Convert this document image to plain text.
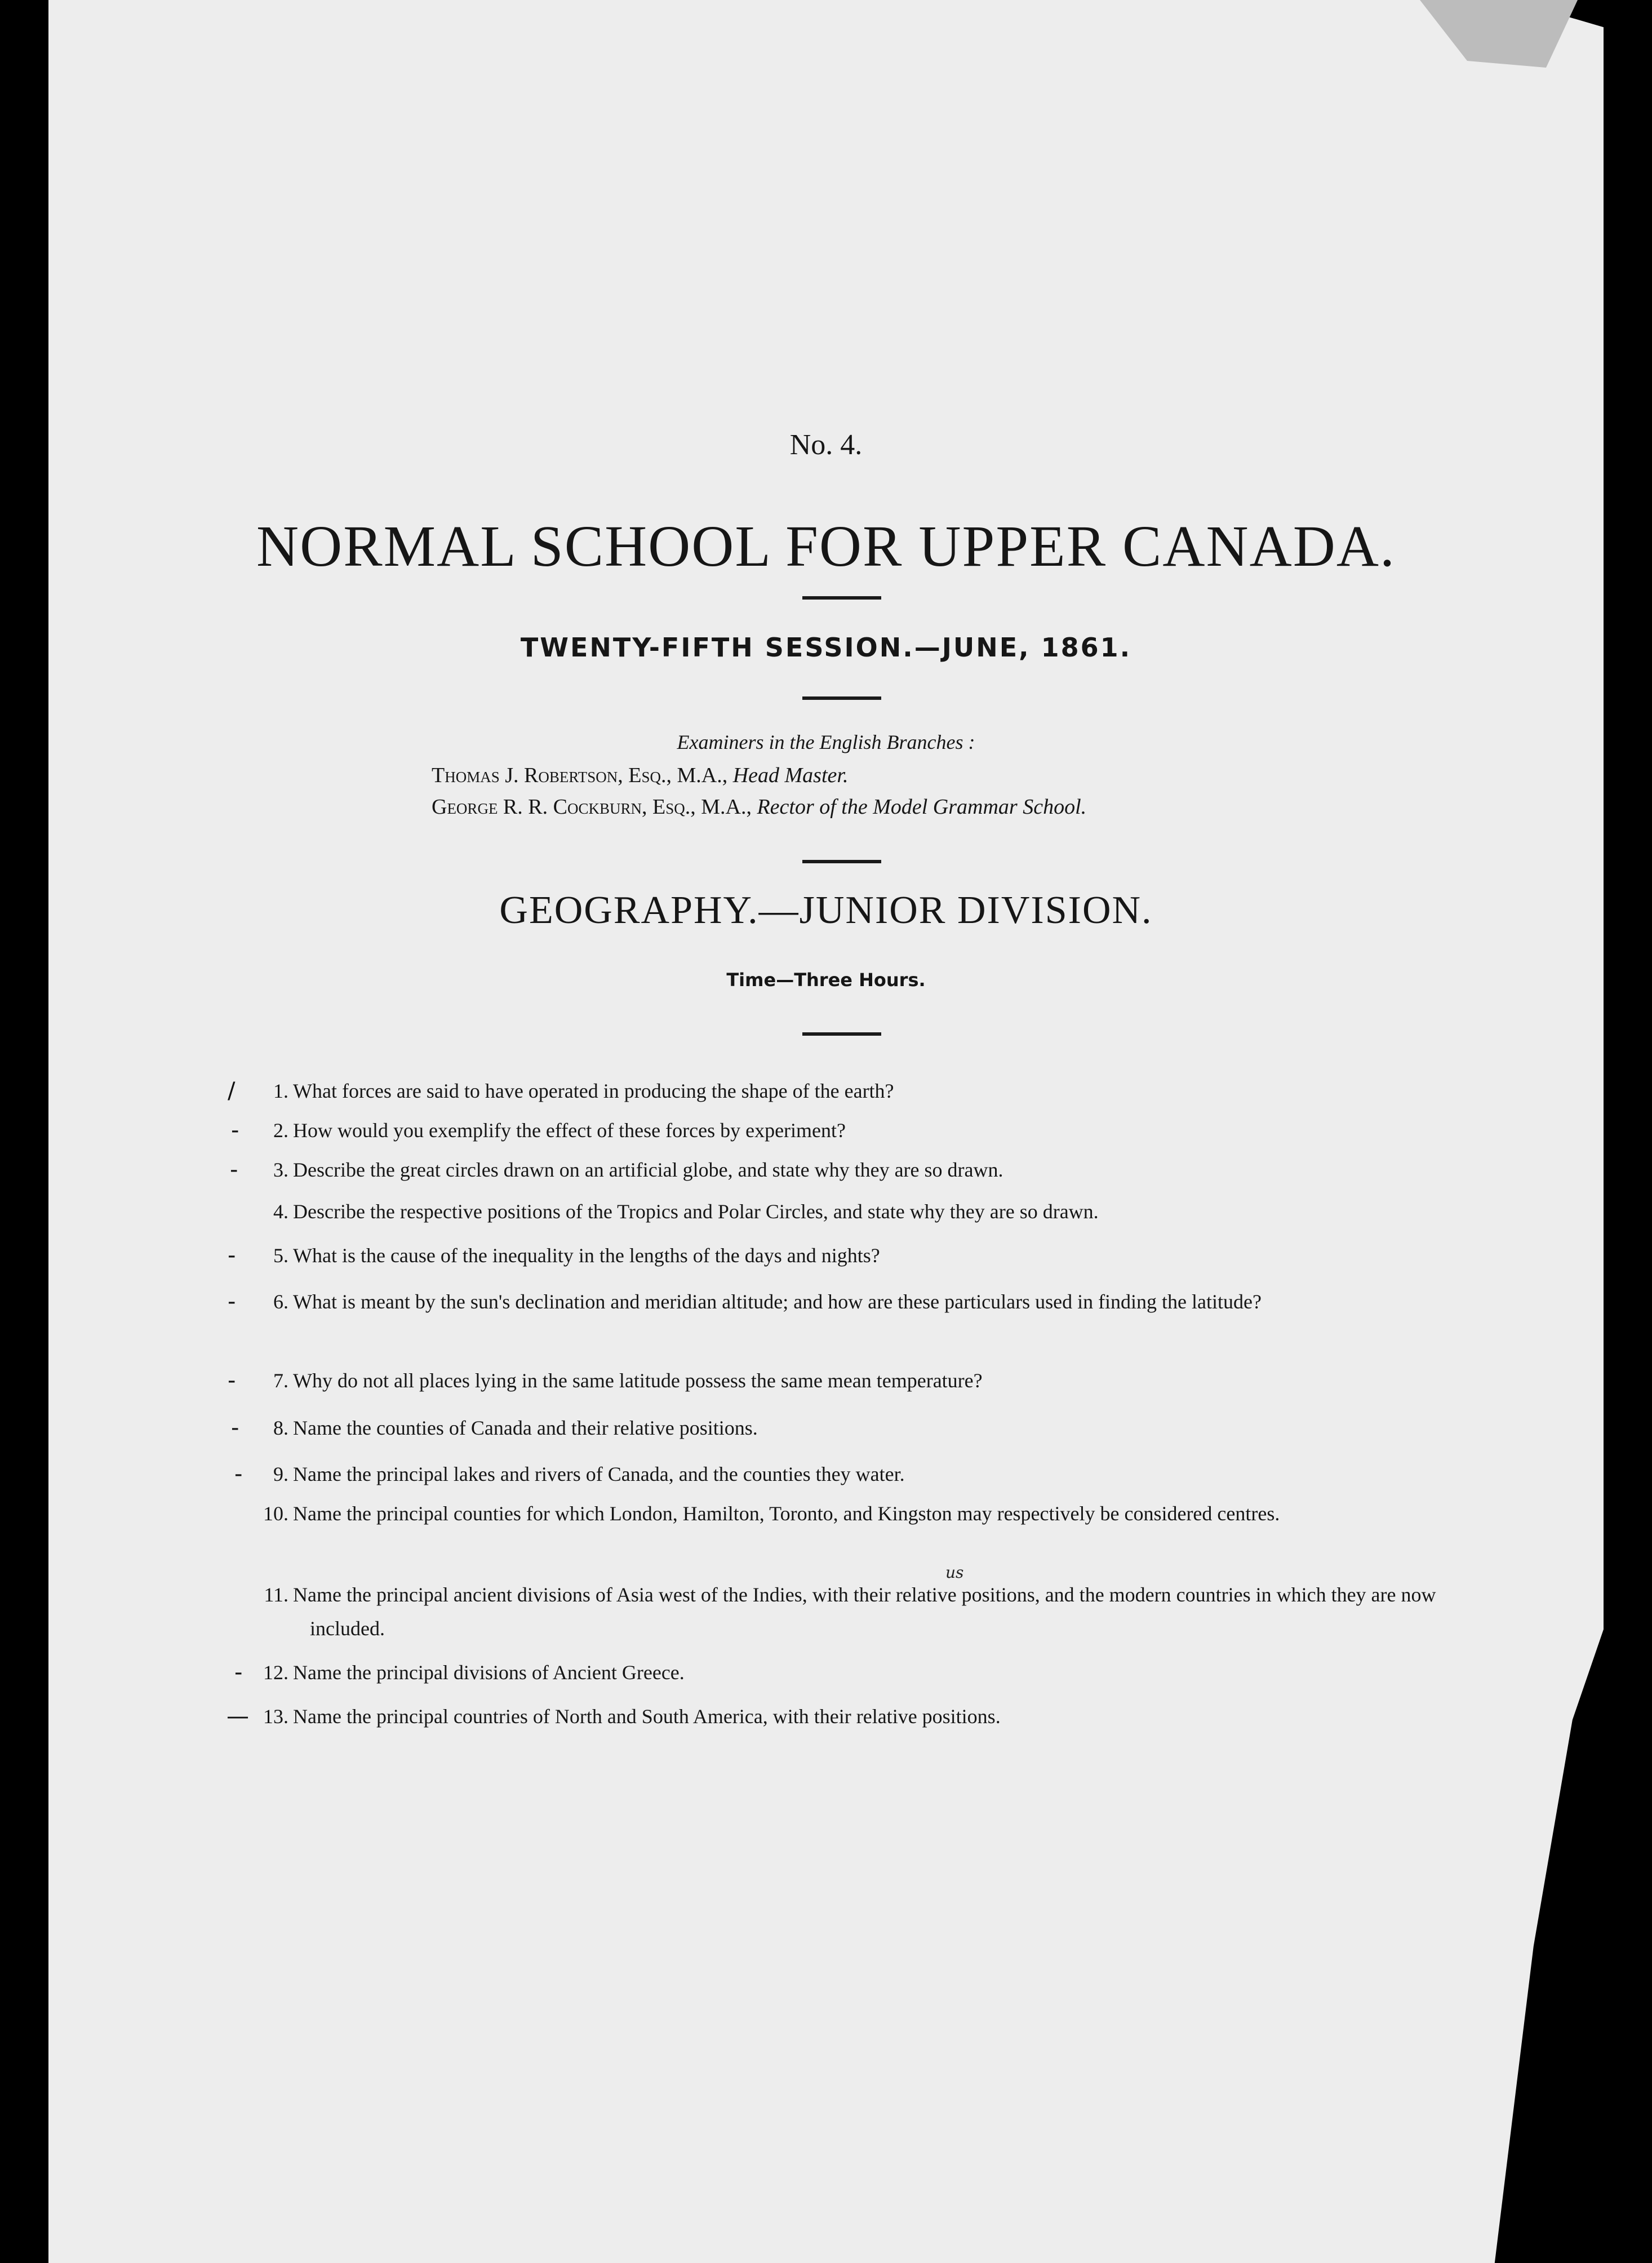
No. 4.
NORMAL SCHOOL FOR UPPER CANADA.
TWENTY-FIFTH SESSION.—JUNE, 1861.
Examiners in the English Branches :
Thomas J. Robertson, Esq., M.A., Head Master.
George R. R. Cockburn, Esq., M.A., Rector of the Model Grammar School.
GEOGRAPHY.—JUNIOR DIVISION.
Time—Three Hours.
/	1. What forces are said to have operated in producing the shape of the earth?
-	2. How would you exemplify the effect of these forces by experiment?
-	3. Describe the great circles drawn on an artificial globe, and state why they are so drawn.
4. Describe the respective positions of the Tropics and Polar Circles, and state why they are so drawn.
-	5. What is the cause of the inequality in the lengths of the days and nights?
-	6. What is meant by the sun's declination and meridian altitude; and how are these particulars used in finding the latitude?
-	7. Why do not all places lying in the same latitude possess the same mean temperature?
-	8. Name the counties of Canada and their relative positions.
-	9. Name the principal lakes and rivers of Canada, and the counties they water.
10. Name the principal counties for which London, Hamilton, Toronto, and Kingston may respectively be considered centres.
11. Name the principal ancient divisions of Asia west of the Indies, with their relative positions, and the modern countries in which they are now included.
-	12. Name the principal divisions of Ancient Greece.
— 13. Name the principal countries of North and South America, with their relative positions.
us
